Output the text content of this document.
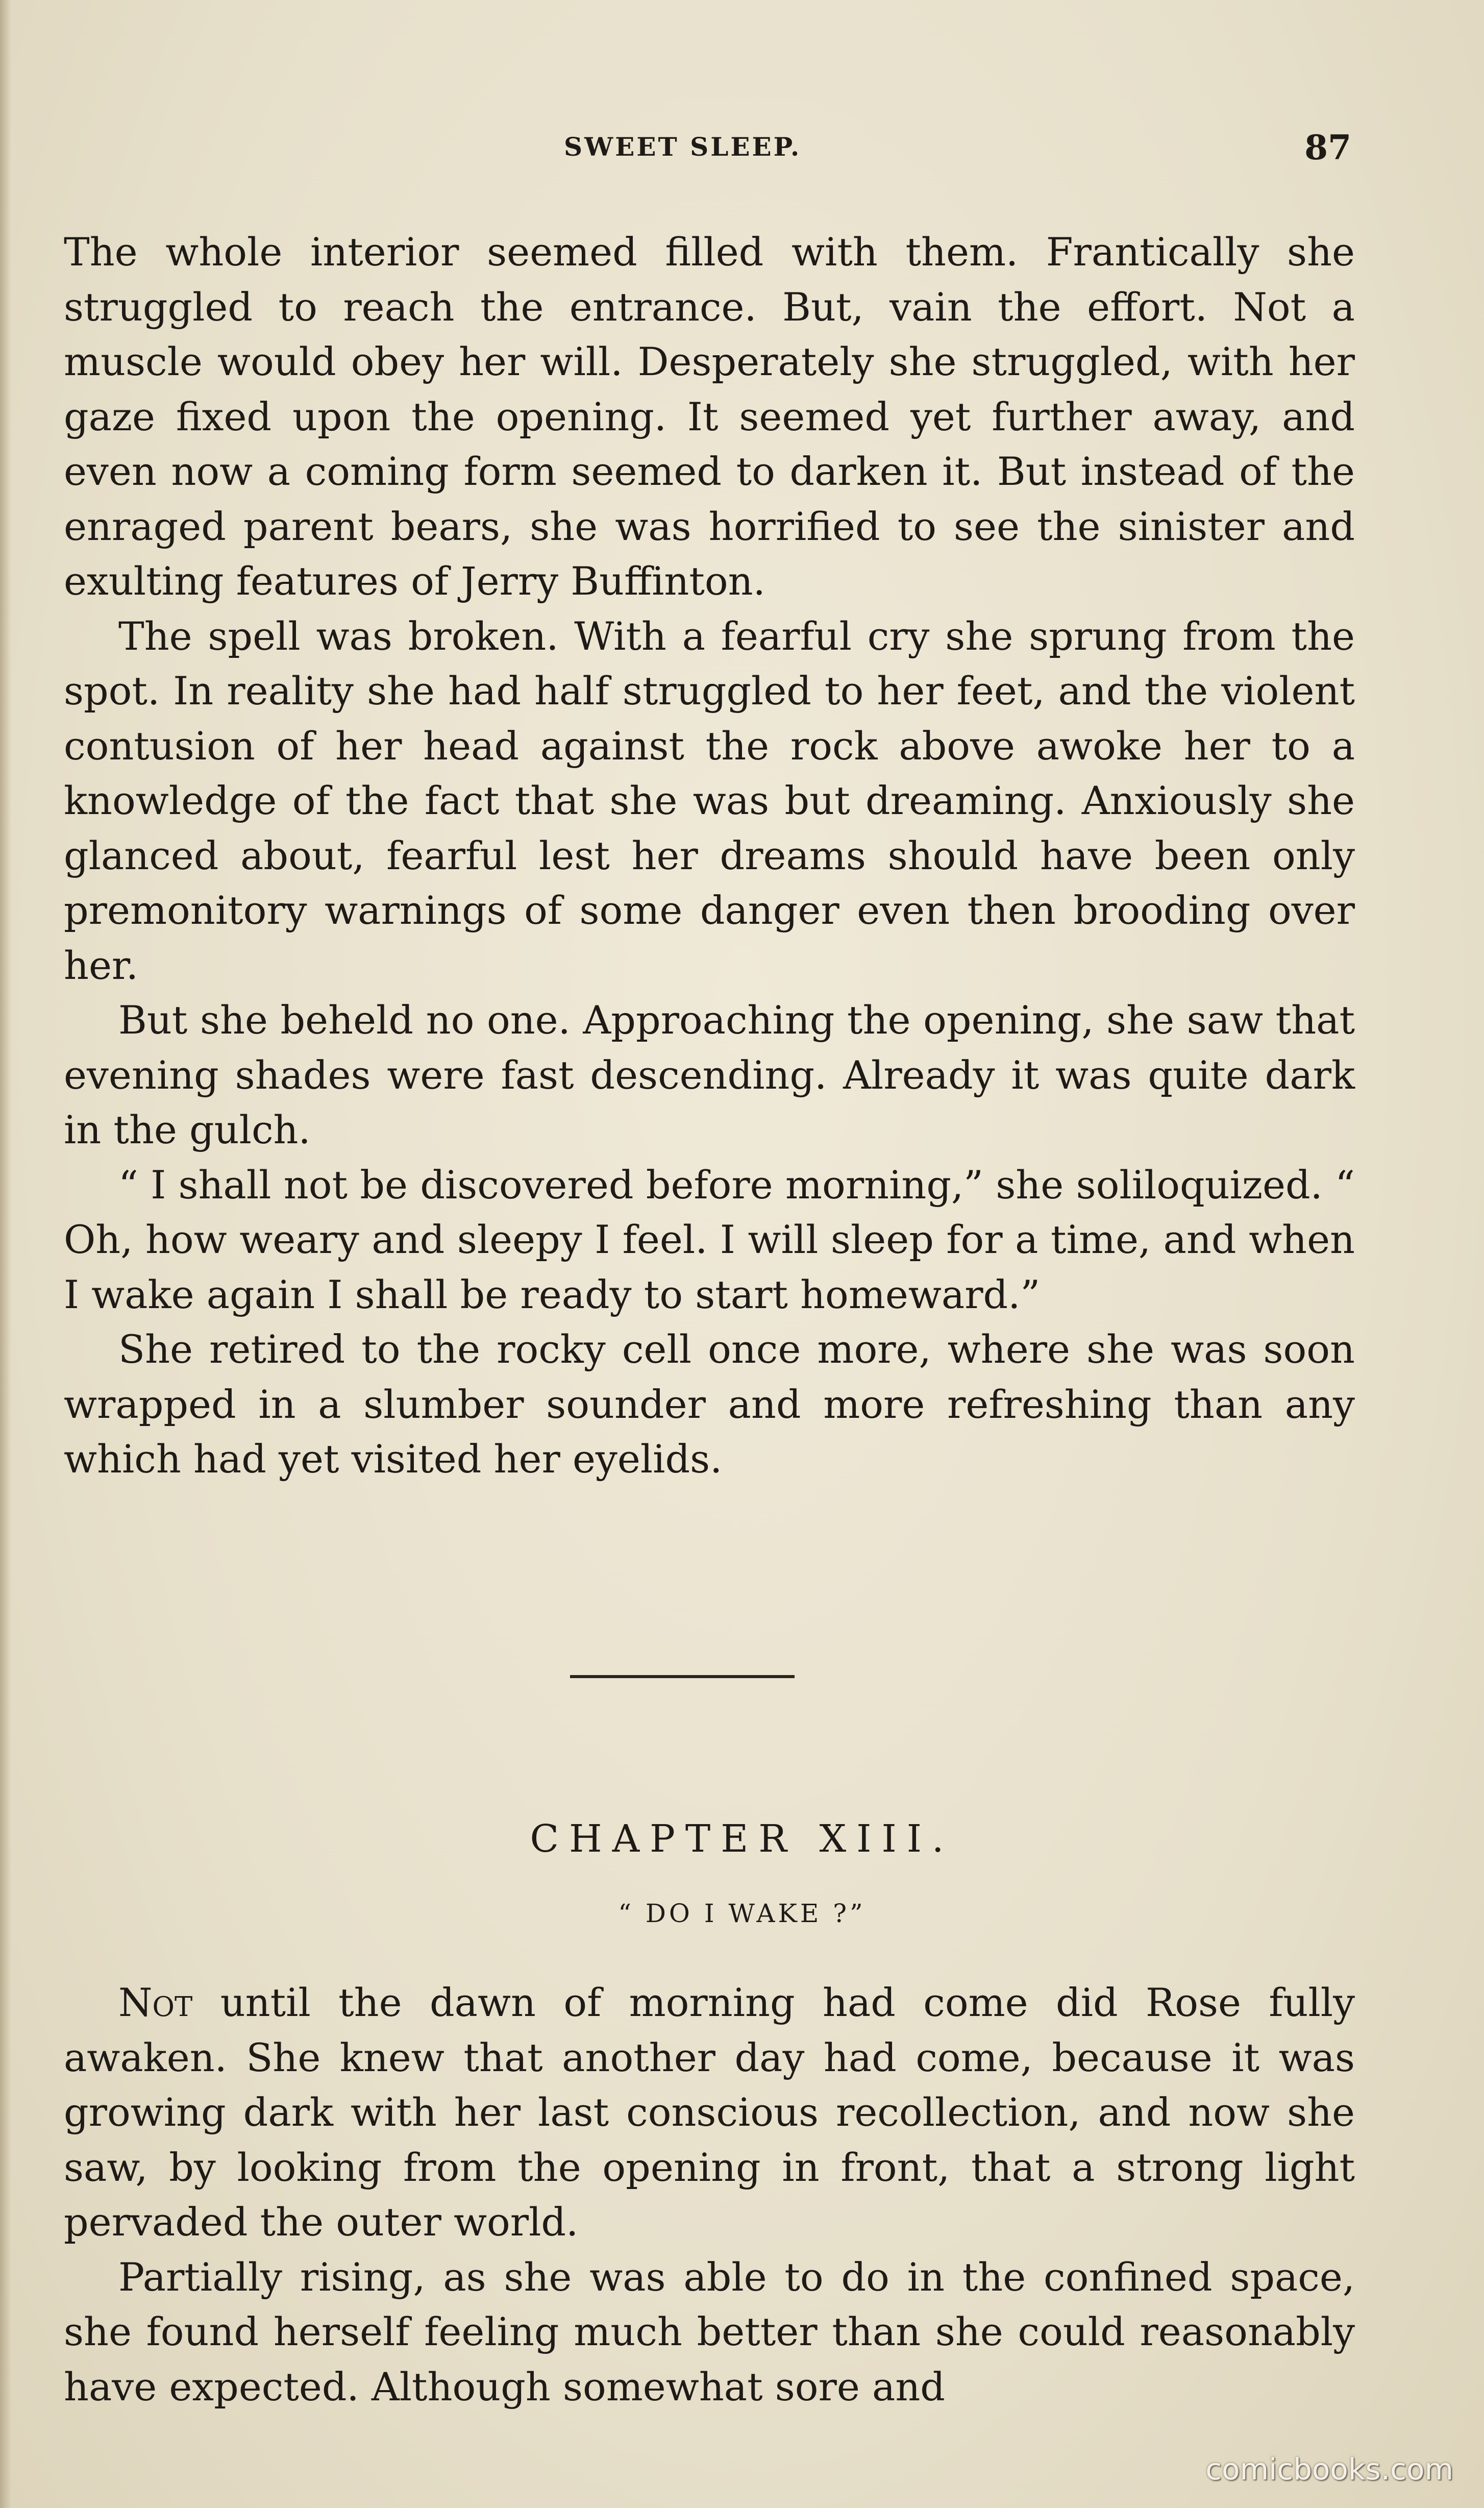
SWEET SLEEP.	87

The whole interior seemed filled with them. Frantically she struggled to reach the entrance. But, vain the effort. Not a muscle would obey her will. Desperately she struggled, with her gaze fixed upon the opening. It seemed yet further away, and even now a coming form seemed to darken it. But instead of the enraged parent bears, she was horrified to see the sinister and exulting features of Jerry Buffinton.

The spell was broken. With a fearful cry she sprung from the spot. In reality she had half struggled to her feet, and the violent contusion of her head against the rock above awoke her to a knowledge of the fact that she was but dreaming. Anxiously she glanced about, fearful lest her dreams should have been only premonitory warnings of some danger even then brooding over her.

But she beheld no one. Approaching the opening, she saw that evening shades were fast descending. Already it was quite dark in the gulch.

“ I shall not be discovered before morning,” she soliloquized. “ Oh, how weary and sleepy I feel. I will sleep for a time, and when I wake again I shall be ready to start homeward.”

She retired to the rocky cell once more, where she was soon wrapped in a slumber sounder and more refreshing than any which had yet visited her eyelids.

CHAPTER XIII.
“ DO I WAKE ?”

Not until the dawn of morning had come did Rose fully awaken. She knew that another day had come, because it was growing dark with her last conscious recollection, and now she saw, by looking from the opening in front, that a strong light pervaded the outer world.

Partially rising, as she was able to do in the confined space, she found herself feeling much better than she could reasonably have expected. Although somewhat sore and

comicbooks.com
